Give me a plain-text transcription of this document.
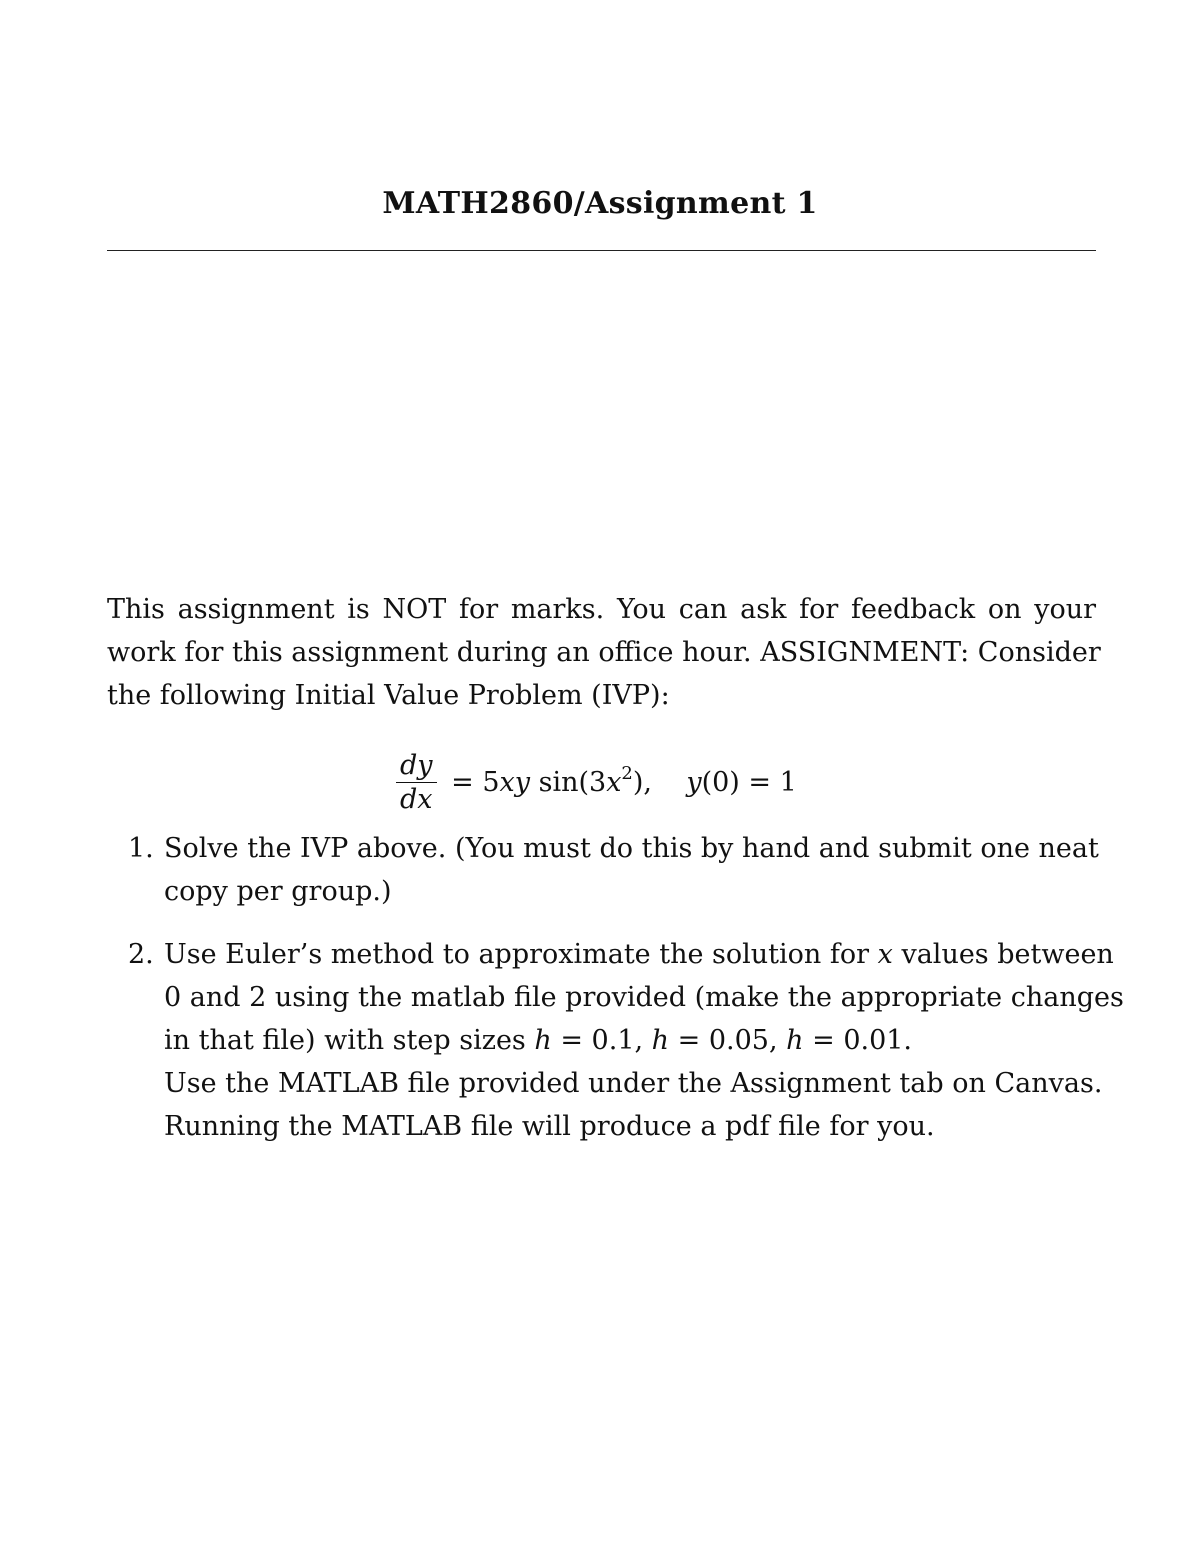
MATH2860/Assignment 1
This assignment is NOT for marks. You can ask for feedback on your
work for this assignment during an office hour. ASSIGNMENT: Consider
the following Initial Value Problem (IVP):
$\frac{dy}{dx} = 5xy$ $\sin(3x^2)$,    y(0) = 1
1. Solve the IVP above. (You must do this by hand and submit one neat
copy per group.)
2. Use Euler’s method to approximate the solution for x values between
0 and 2 using the matlab file provided (make the appropriate changes
in that file) with step sizes h = 0.1, h = 0.05, h = 0.01.
Use the MATLAB file provided under the Assignment tab on Canvas.
Running the MATLAB file will produce a pdf file for you.
